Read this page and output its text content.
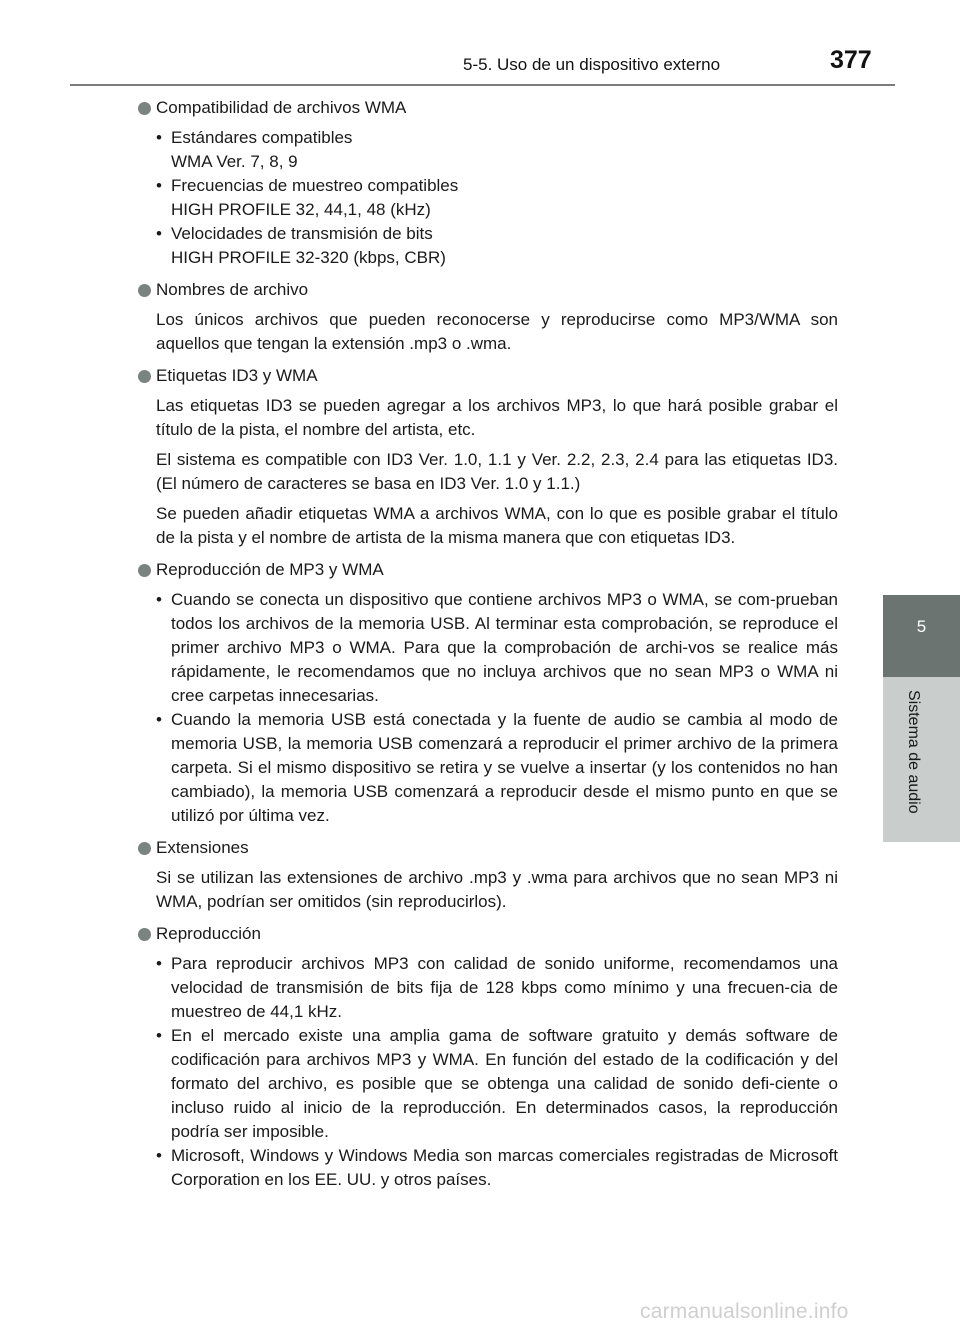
5-5. Uso de un dispositivo externo	377
5
Sistema de audio
Compatibilidad de archivos WMA
• Estándares compatibles
WMA Ver. 7, 8, 9
• Frecuencias de muestreo compatibles
HIGH PROFILE 32, 44,1, 48 (kHz)
• Velocidades de transmisión de bits
HIGH PROFILE 32-320 (kbps, CBR)
Nombres de archivo

Los únicos archivos que pueden reconocerse y reproducirse como MP3/WMA son aquellos que tengan la extensión .mp3 o .wma.

Etiquetas ID3 y WMA

Las etiquetas ID3 se pueden agregar a los archivos MP3, lo que hará posible grabar el título de la pista, el nombre del artista, etc.

El sistema es compatible con ID3 Ver. 1.0, 1.1 y Ver. 2.2, 2.3, 2.4 para las etiquetas ID3. (El número de caracteres se basa en ID3 Ver. 1.0 y 1.1.)

Se pueden añadir etiquetas WMA a archivos WMA, con lo que es posible grabar el título de la pista y el nombre de artista de la misma manera que con etiquetas ID3.

Reproducción de MP3 y WMA
• Cuando se conecta un dispositivo que contiene archivos MP3 o WMA, se com-prueban todos los archivos de la memoria USB. Al terminar esta comprobación, se reproduce el primer archivo MP3 o WMA. Para que la comprobación de archi-vos se realice más rápidamente, le recomendamos que no incluya archivos que no sean MP3 o WMA ni cree carpetas innecesarias.
• Cuando la memoria USB está conectada y la fuente de audio se cambia al modo de memoria USB, la memoria USB comenzará a reproducir el primer archivo de la primera carpeta. Si el mismo dispositivo se retira y se vuelve a insertar (y los contenidos no han cambiado), la memoria USB comenzará a reproducir desde el mismo punto en que se utilizó por última vez.
Extensiones

Si se utilizan las extensiones de archivo .mp3 y .wma para archivos que no sean MP3 ni WMA, podrían ser omitidos (sin reproducirlos).

Reproducción
• Para reproducir archivos MP3 con calidad de sonido uniforme, recomendamos una velocidad de transmisión de bits fija de 128 kbps como mínimo y una frecuen-cia de muestreo de 44,1 kHz.
• En el mercado existe una amplia gama de software gratuito y demás software de codificación para archivos MP3 y WMA. En función del estado de la codificación y del formato del archivo, es posible que se obtenga una calidad de sonido defi-ciente o incluso ruido al inicio de la reproducción. En determinados casos, la reproducción podría ser imposible.
• Microsoft, Windows y Windows Media son marcas comerciales registradas de Microsoft Corporation en los EE. UU. y otros países.
carmanualsonline.info
